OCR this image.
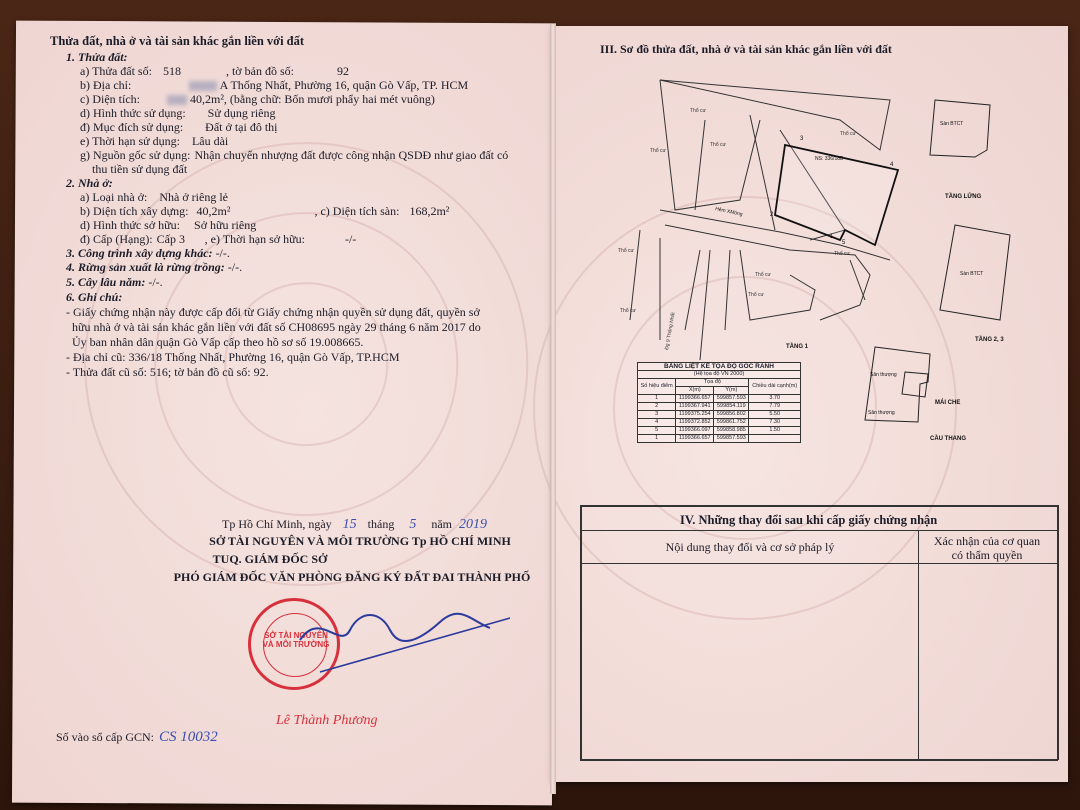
Thửa đất, nhà ở và tài sản khác gắn liền với đất
1. Thửa đất:
a) Thửa đất số: 518	, tờ bản đồ số:	92
b) Địa chỉ:	A Thống Nhất, Phường 16, quận Gò Vấp, TP. HCM
c) Diện tích:	40,2m², (bằng chữ: Bốn mươi phẩy hai mét vuông)
d) Hình thức sử dụng: Sử dụng riêng
đ) Mục đích sử dụng: Đất ở tại đô thị
e) Thời hạn sử dụng: Lâu dài
g) Nguồn gốc sử dụng: Nhận chuyển nhượng đất được công nhận QSDĐ như giao đất có
thu tiền sử dụng đất
2. Nhà ở:
a) Loại nhà ở: Nhà ở riêng lẻ
b) Diện tích xây dựng: 40,2m²	, c) Diện tích sàn: 168,2m²
d) Hình thức sở hữu: Sở hữu riêng
đ) Cấp (Hạng): Cấp 3 , e) Thời hạn sở hữu:	-/-
3. Công trình xây dựng khác: -/-.
4. Rừng sản xuất là rừng trồng: -/-.
5. Cây lâu năm: -/-.
6. Ghi chú:
- Giấy chứng nhận này được cấp đổi từ Giấy chứng nhận quyền sử dụng đất, quyền sở
hữu nhà ở và tài sản khác gắn liền với đất số CH08695 ngày 29 tháng 6 năm 2017 do
Ủy ban nhân dân quận Gò Vấp cấp theo hồ sơ số 19.008665.
- Địa chỉ cũ: 336/18 Thống Nhất, Phường 16, quận Gò Vấp, TP.HCM
- Thửa đất cũ số: 516; tờ bản đồ cũ số: 92.
Tp Hồ Chí Minh, ngày 15 tháng 5 năm 2019
SỞ TÀI NGUYÊN VÀ MÔI TRƯỜNG Tp HỒ CHÍ MINH
TUQ. GIÁM ĐỐC SỞ
PHÓ GIÁM ĐỐC VĂN PHÒNG ĐĂNG KÝ ĐẤT ĐAI THÀNH PHỐ
SỞ TÀI NGUYÊN VÀ MÔI TRƯỜNG
Lê Thành Phương
Số vào sổ cấp GCN: CS 10032
III. Sơ đồ thửa đất, nhà ở và tài sản khác gắn liền với đất
3
2
1
5
4
NS: 336/18B
Hẻm XMóng
Thổ cư
Thổ cư
Thổ cư
Thổ cư
Thổ cư
Thổ cư
Thổ cư
Thổ cư
Thổ cư
Đg 9 Thống Nhất	TẦNG 1
Sàn BTCT
TẦNG LỬNG
Sàn BTCT
TẦNG 2, 3
Sân thượng
Sân thượng
MÁI CHE
CẦU THANG
BẢNG LIỆT KÊ TỌA ĐỘ GÓC RANH			
(Hệ tọa độ VN 2000)			
Số hiệu điểm	Tọa độ		Chiều dài cạnh(m)
	X(m)	Y(m)	
1	1199366.657	599857.593	3.70
2	1199367.941	599854.119	7.79
3	1199375.254	599856.802	5.50
4	1199372.852	599861.752	7.30
5	1199366.097	599858.985	1.50
1	1199366.657	599857.593	
IV. Những thay đổi sau khi cấp giấy chứng nhận
Nội dung thay đổi và cơ sở pháp lý	Xác nhận của cơ quan
có thẩm quyền
